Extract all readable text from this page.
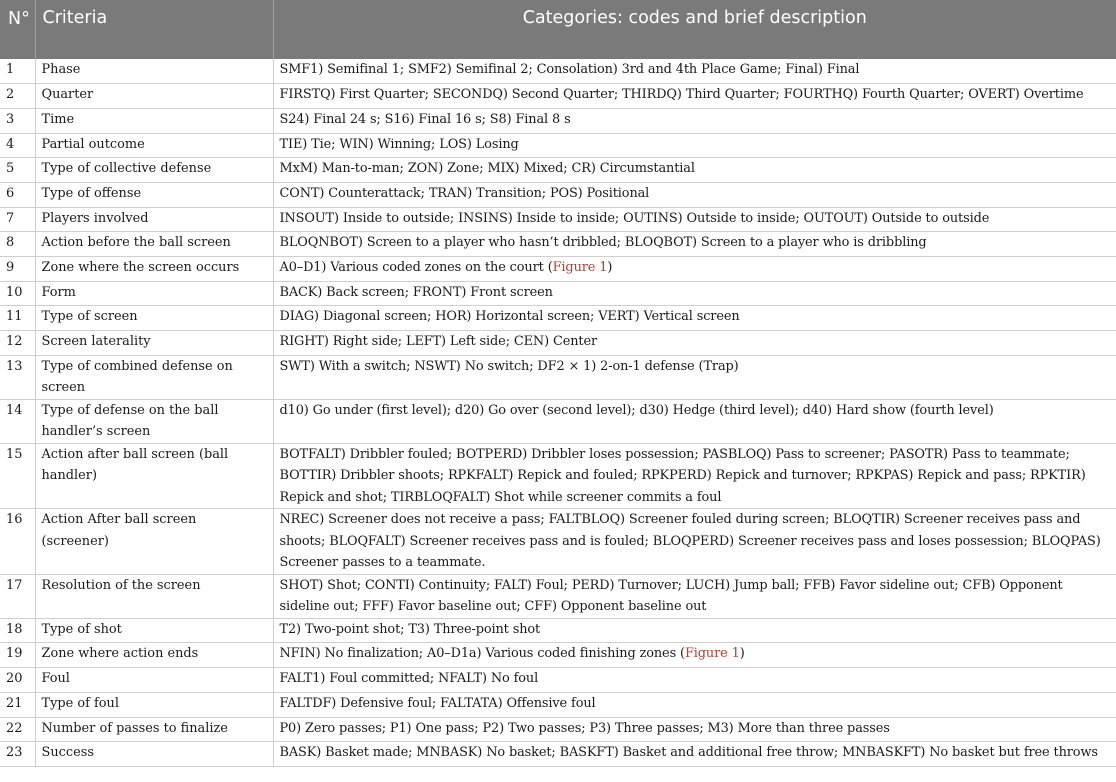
N°	Criteria	Categories: codes and brief description
1	Phase	SMF1) Semifinal 1; SMF2) Semifinal 2; Consolation) 3rd and 4th Place Game; Final) Final
2	Quarter	FIRSTQ) First Quarter; SECONDQ) Second Quarter; THIRDQ) Third Quarter; FOURTHQ) Fourth Quarter; OVERT) Overtime
3	Time	S24) Final 24 s; S16) Final 16 s; S8) Final 8 s
4	Partial outcome	TIE) Tie; WIN) Winning; LOS) Losing
5	Type of collective defense	MxM) Man-to-man; ZON) Zone; MIX) Mixed; CR) Circumstantial
6	Type of offense	CONT) Counterattack; TRAN) Transition; POS) Positional
7	Players involved	INSOUT) Inside to outside; INSINS) Inside to inside; OUTINS) Outside to inside; OUTOUT) Outside to outside
8	Action before the ball screen	BLOQNBOT) Screen to a player who hasn’t dribbled; BLOQBOT) Screen to a player who is dribbling
9	Zone where the screen occurs	A0–D1) Various coded zones on the court (Figure 1)
10	Form	BACK) Back screen; FRONT) Front screen
11	Type of screen	DIAG) Diagonal screen; HOR) Horizontal screen; VERT) Vertical screen
12	Screen laterality	RIGHT) Right side; LEFT) Left side; CEN) Center
13	Type of combined defense on screen	SWT) With a switch; NSWT) No switch; DF2 × 1) 2-on-1 defense (Trap)
14	Type of defense on the ball handler’s screen	d10) Go under (first level); d20) Go over (second level); d30) Hedge (third level); d40) Hard show (fourth level)
15	Action after ball screen (ball handler)	BOTFALT) Dribbler fouled; BOTPERD) Dribbler loses possession; PASBLOQ) Pass to screener; PASOTR) Pass to teammate; BOTTIR) Dribbler shoots; RPKFALT) Repick and fouled; RPKPERD) Repick and turnover; RPKPAS) Repick and pass; RPKTIR) Repick and shot; TIRBLOQFALT) Shot while screener commits a foul
16	Action After ball screen (screener)	NREC) Screener does not receive a pass; FALTBLOQ) Screener fouled during screen; BLOQTIR) Screener receives pass and shoots; BLOQFALT) Screener receives pass and is fouled; BLOQPERD) Screener receives pass and loses possession; BLOQPAS) Screener passes to a teammate.
17	Resolution of the screen	SHOT) Shot; CONTI) Continuity; FALT) Foul; PERD) Turnover; LUCH) Jump ball; FFB) Favor sideline out; CFB) Opponent sideline out; FFF) Favor baseline out; CFF) Opponent baseline out
18	Type of shot	T2) Two-point shot; T3) Three-point shot
19	Zone where action ends	NFIN) No finalization; A0–D1a) Various coded finishing zones (Figure 1)
20	Foul	FALT1) Foul committed; NFALT) No foul
21	Type of foul	FALTDF) Defensive foul; FALTATA) Offensive foul
22	Number of passes to finalize	P0) Zero passes; P1) One pass; P2) Two passes; P3) Three passes; M3) More than three passes
23	Success	BASK) Basket made; MNBASK) No basket; BASKFT) Basket and additional free throw; MNBASKFT) No basket but free throws
